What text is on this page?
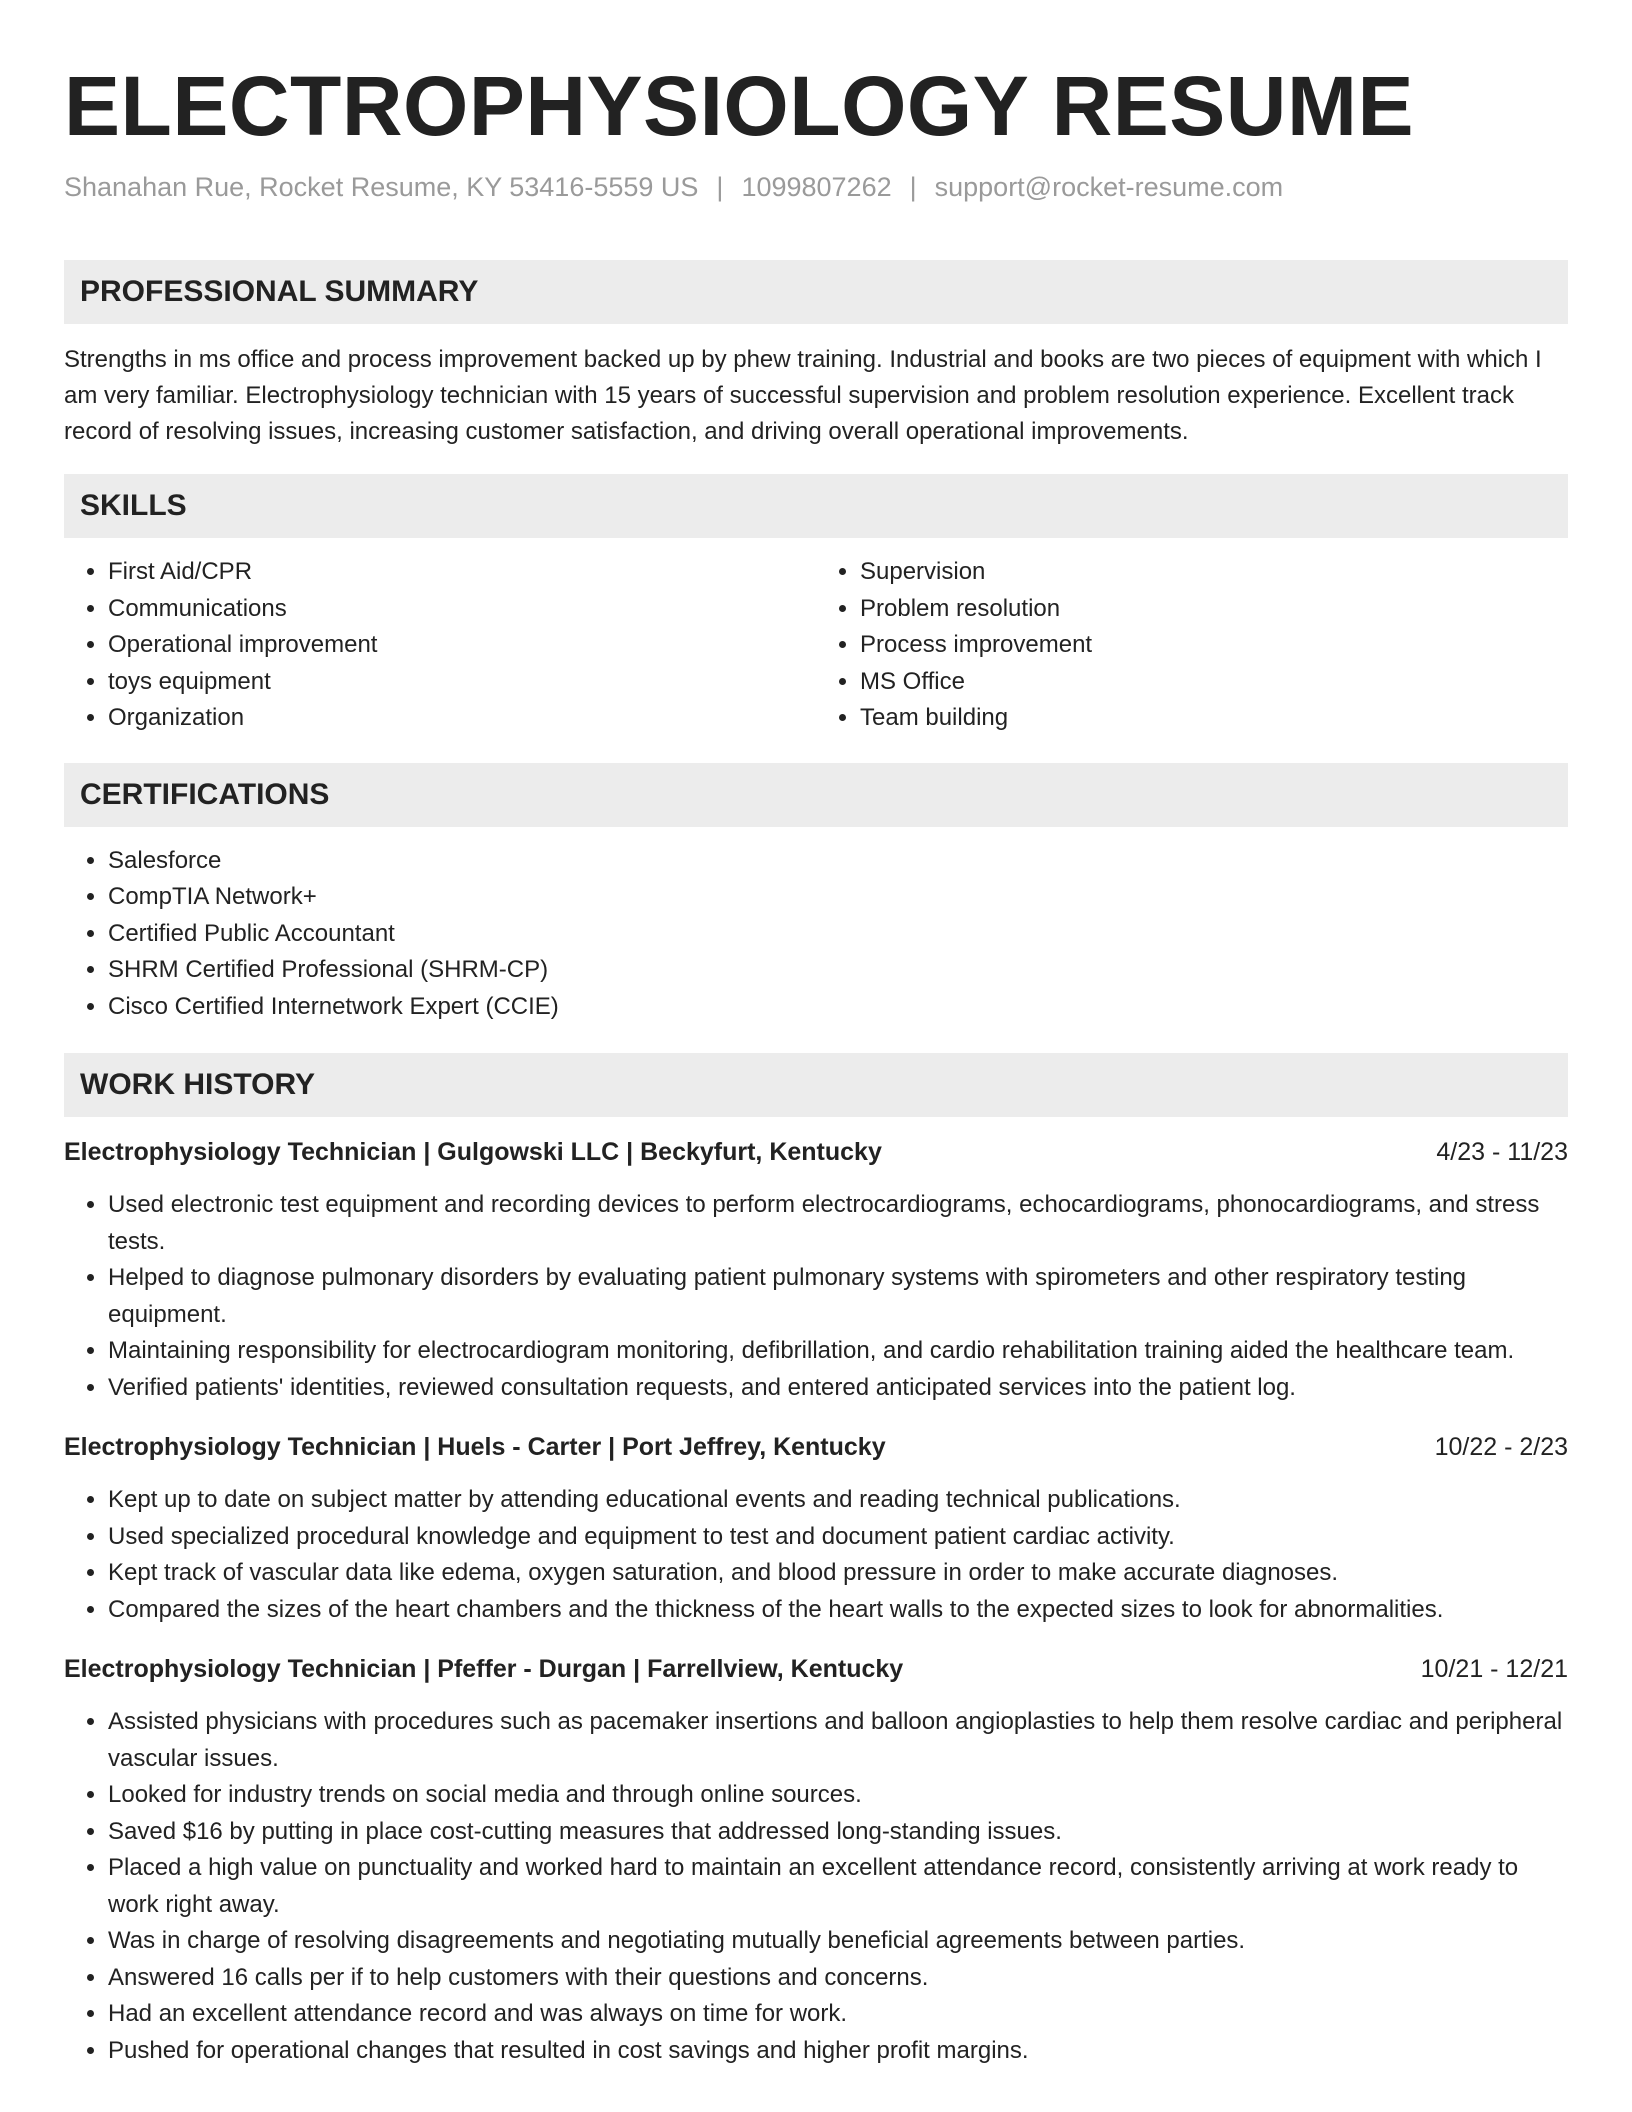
ELECTROPHYSIOLOGY RESUME
Shanahan Rue, Rocket Resume, KY 53416-5559 US | 1099807262 | support@rocket-resume.com
PROFESSIONAL SUMMARY

Strengths in ms office and process improvement backed up by phew training. Industrial and books are two pieces of equipment with which I am very familiar. Electrophysiology technician with 15 years of successful supervision and problem resolution experience. Excellent track record of resolving issues, increasing customer satisfaction, and driving overall operational improvements.

SKILLS
• First Aid/CPR
• Communications
• Operational improvement
• toys equipment
• Organization
• Supervision
• Problem resolution
• Process improvement
• MS Office
• Team building
CERTIFICATIONS
• Salesforce
• CompTIA Network+
• Certified Public Accountant
• SHRM Certified Professional (SHRM-CP)
• Cisco Certified Internetwork Expert (CCIE)
WORK HISTORY
Electrophysiology Technician | Gulgowski LLC | Beckyfurt, Kentucky	4/23 - 11/23
• Used electronic test equipment and recording devices to perform electrocardiograms, echocardiograms, phonocardiograms, and stress tests.
• Helped to diagnose pulmonary disorders by evaluating patient pulmonary systems with spirometers and other respiratory testing equipment.
• Maintaining responsibility for electrocardiogram monitoring, defibrillation, and cardio rehabilitation training aided the healthcare team.
• Verified patients' identities, reviewed consultation requests, and entered anticipated services into the patient log.
Electrophysiology Technician | Huels - Carter | Port Jeffrey, Kentucky	10/22 - 2/23
• Kept up to date on subject matter by attending educational events and reading technical publications.
• Used specialized procedural knowledge and equipment to test and document patient cardiac activity.
• Kept track of vascular data like edema, oxygen saturation, and blood pressure in order to make accurate diagnoses.
• Compared the sizes of the heart chambers and the thickness of the heart walls to the expected sizes to look for abnormalities.
Electrophysiology Technician | Pfeffer - Durgan | Farrellview, Kentucky	10/21 - 12/21
• Assisted physicians with procedures such as pacemaker insertions and balloon angioplasties to help them resolve cardiac and peripheral vascular issues.
• Looked for industry trends on social media and through online sources.
• Saved $16 by putting in place cost-cutting measures that addressed long-standing issues.
• Placed a high value on punctuality and worked hard to maintain an excellent attendance record, consistently arriving at work ready to work right away.
• Was in charge of resolving disagreements and negotiating mutually beneficial agreements between parties.
• Answered 16 calls per if to help customers with their questions and concerns.
• Had an excellent attendance record and was always on time for work.
• Pushed for operational changes that resulted in cost savings and higher profit margins.
